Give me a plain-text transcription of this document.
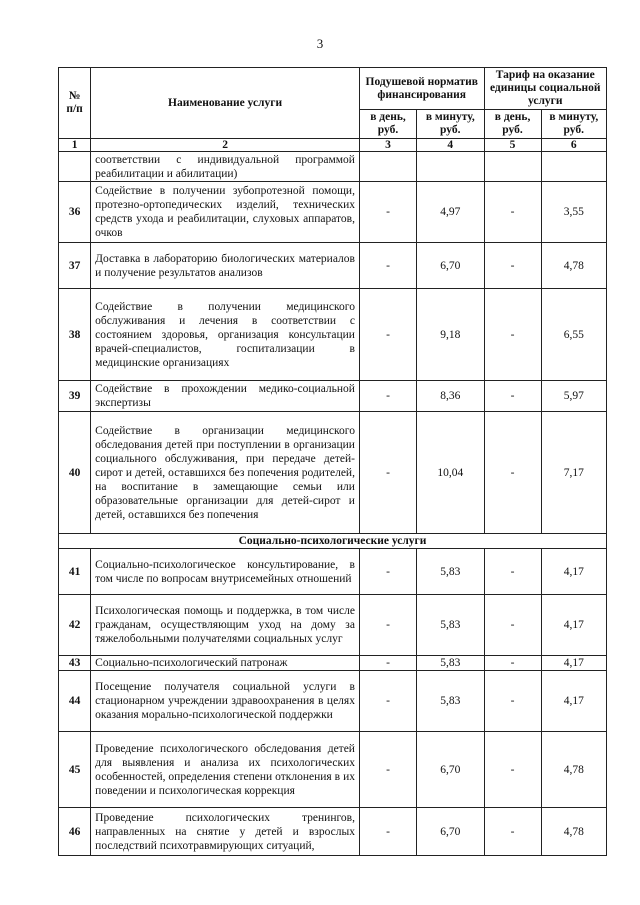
3
№ п/п	Наименование услуги	Подушевой норматив финансирования		Тариф на оказание единицы социальной услуги	
		в день, руб.	в минуту, руб.	в день, руб.	в минуту, руб.
1	2	3	4	5	6
	соответствии с индивидуальной программой реабилитации и абилитации)				
36	Содействие в получении зубопротезной помощи, протезно-ортопедических изделий, технических средств ухода и реабилитации, слуховых аппаратов, очков	-	4,97	-	3,55
37	Доставка в лабораторию биологических материалов и получение результатов анализов	-	6,70	-	4,78
38	Содействие в получении медицинского обслуживания и лечения в соответствии с состоянием здоровья, организация консультации врачей-специалистов, госпитализации в медицинские организациях	-	9,18	-	6,55
39	Содействие в прохождении медико-социальной экспертизы	-	8,36	-	5,97
40	Содействие в организации медицинского обследования детей при поступлении в организации социального обслуживания, при передаче детей-сирот и детей, оставшихся без попечения родителей, на воспитание в замещающие семьи или образовательные организации для детей-сирот и детей, оставшихся без попечения	-	10,04	-	7,17
Социально-психологические услуги					
41	Социально-психологическое консультирование, в том числе по вопросам внутрисемейных отношений	-	5,83	-	4,17
42	Психологическая помощь и поддержка, в том числе гражданам, осуществляющим уход на дому за тяжелобольными получателями социальных услуг	-	5,83	-	4,17
43	Социально-психологический патронаж	-	5,83	-	4,17
44	Посещение получателя социальной услуги в стационарном учреждении здравоохранения в целях оказания морально-психологической поддержки	-	5,83	-	4,17
45	Проведение психологического обследования детей для выявления и анализа их психологических особенностей, определения степени отклонения в их поведении и психологическая коррекция	-	6,70	-	4,78
46	Проведение психологических тренингов, направленных на снятие у детей и взрослых последствий психотравмирующих ситуаций,	-	6,70	-	4,78
